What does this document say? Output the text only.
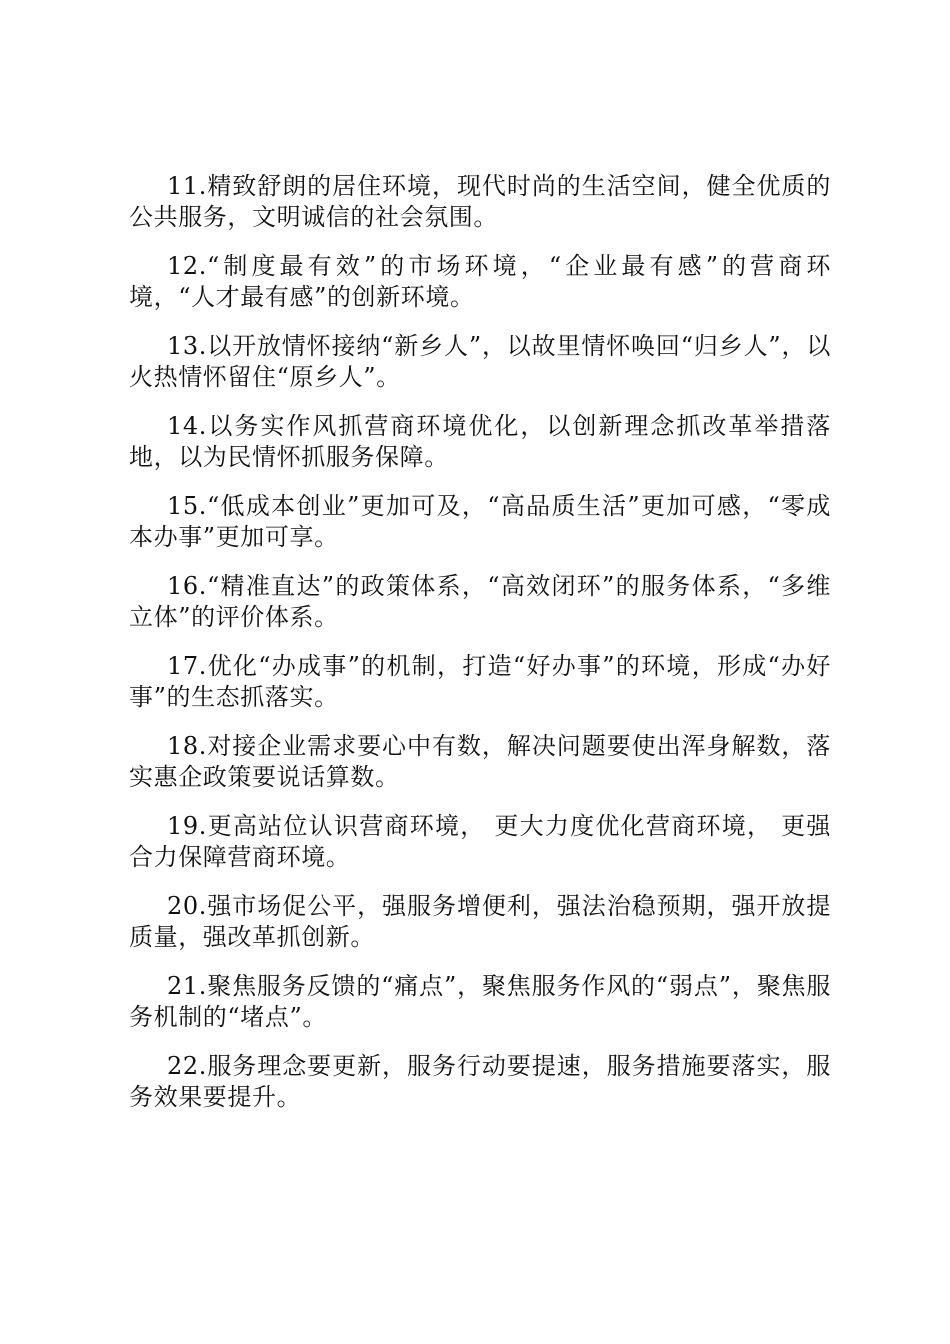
11.精致舒朗的居住环境，现代时尚的生活空间，健全优质的公共服务，文明诚信的社会氛围。

12.“制度最有效”的市场环境，“企业最有感”的营商环境，“人才最有感”的创新环境。

13.以开放情怀接纳“新乡人”，以故里情怀唤回“归乡人”，以火热情怀留住“原乡人”。

14.以务实作风抓营商环境优化，以创新理念抓改革举措落地，以为民情怀抓服务保障。

15.“低成本创业”更加可及，“高品质生活”更加可感，“零成本办事”更加可享。

16.“精准直达”的政策体系，“高效闭环”的服务体系，“多维立体”的评价体系。

17.优化“办成事”的机制，打造“好办事”的环境，形成“办好事”的生态抓落实。

18.对接企业需求要心中有数，解决问题要使出浑身解数，落实惠企政策要说话算数。

19.更高站位认识营商环境， 更大力度优化营商环境， 更强合力保障营商环境。

20.强市场促公平，强服务增便利，强法治稳预期，强开放提质量，强改革抓创新。

21.聚焦服务反馈的“痛点”，聚焦服务作风的“弱点”，聚焦服务机制的“堵点”。

22.服务理念要更新，服务行动要提速，服务措施要落实，服务效果要提升。
